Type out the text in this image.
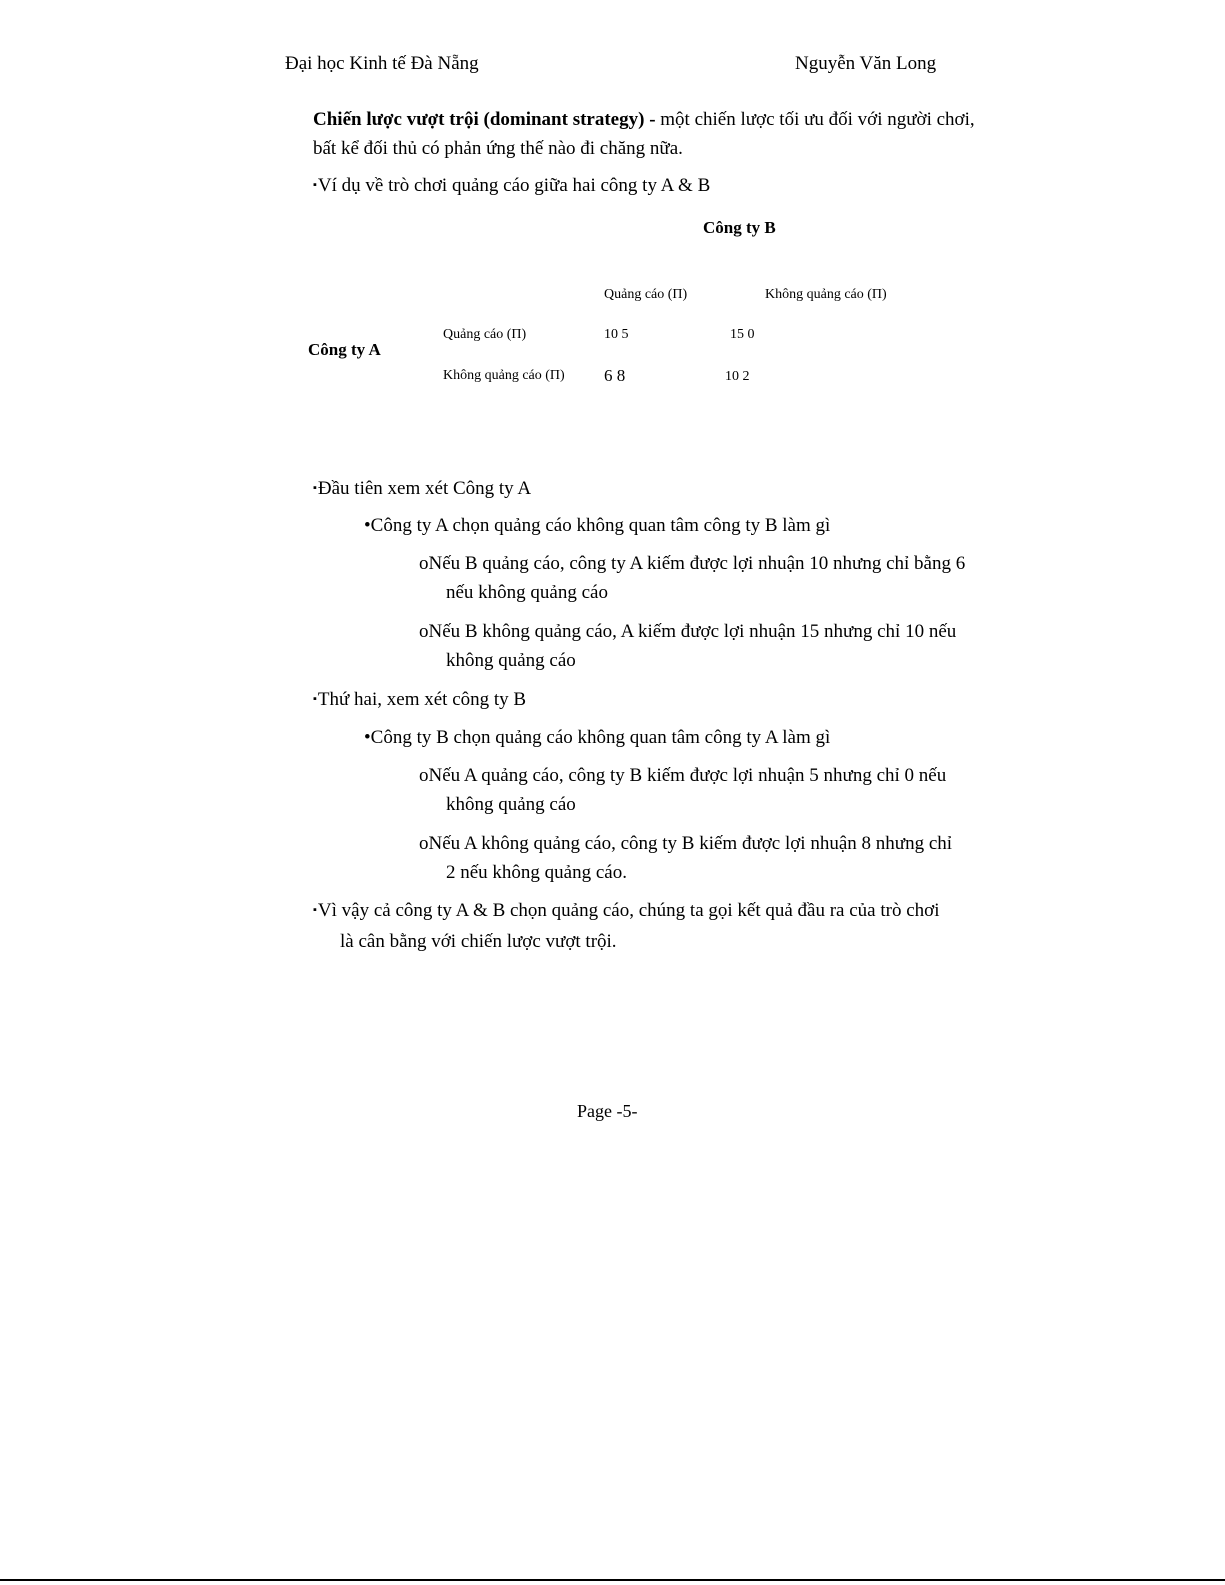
Đại học Kinh tế Đà Nẵng	Nguyễn Văn Long
Chiến lược vượt trội (dominant strategy) - một chiến lược tối ưu đối với người chơi,
bất kể đối thủ có phản ứng thế nào đi chăng nữa.
▪Ví dụ về trò chơi quảng cáo giữa hai công ty A & B
Công ty B
Quảng cáo (Π)	Không quảng cáo (Π)
Công ty A
Quảng cáo (Π)	10 5	15 0
Không quảng cáo (Π) 6 8	10 2
▪Đầu tiên xem xét Công ty A
•Công ty A chọn quảng cáo không quan tâm công ty B làm gì
oNếu B quảng cáo, công ty A kiếm được lợi nhuận 10 nhưng chỉ bằng 6
nếu không quảng cáo
oNếu B không quảng cáo, A kiếm được lợi nhuận 15 nhưng chỉ 10 nếu
không quảng cáo
▪Thứ hai, xem xét công ty B
•Công ty B chọn quảng cáo không quan tâm công ty A làm gì
oNếu A quảng cáo, công ty B kiếm được lợi nhuận 5 nhưng chỉ 0 nếu
không quảng cáo
oNếu A không quảng cáo, công ty B kiếm được lợi nhuận 8 nhưng chỉ
2 nếu không quảng cáo.
▪Vì vậy cả công ty A & B chọn quảng cáo, chúng ta gọi kết quả đầu ra của trò chơi
là cân bằng với chiến lược vượt trội.
Page -5-
